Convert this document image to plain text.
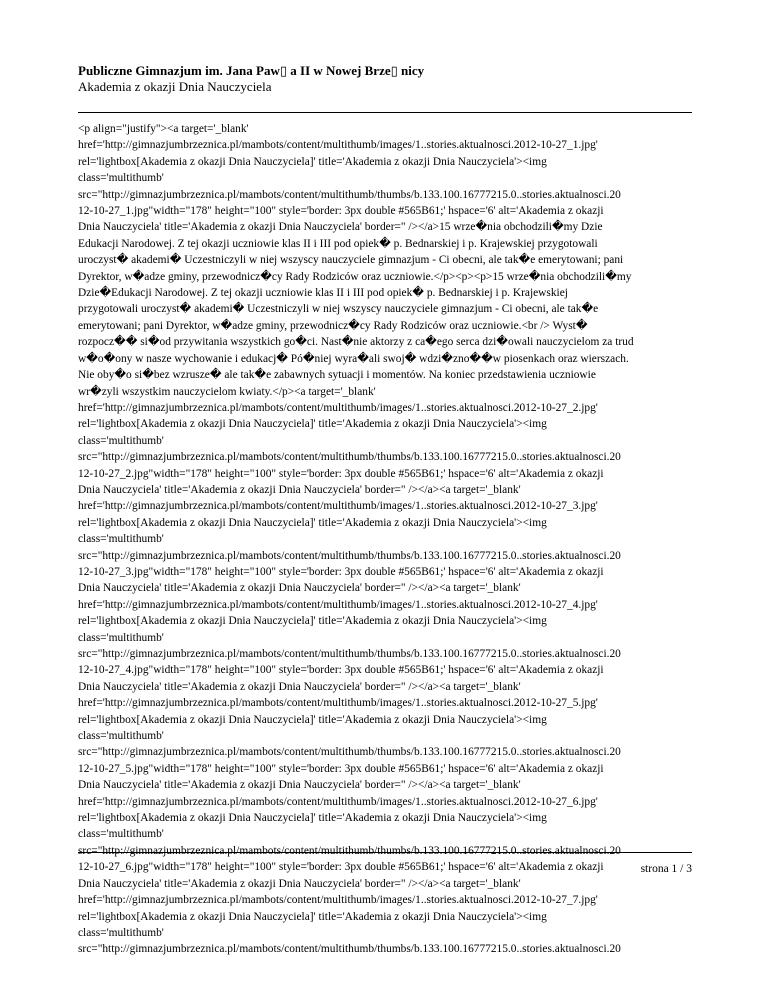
Publiczne Gimnazjum im. Jana Paw▯ a II w Nowej Brze▯ nicy

Akademia z okazji Dnia Nauczyciela

<p align="justify"><a target='_blank'
href='http://gimnazjumbrzeznica.pl/mambots/content/multithumb/images/1..stories.aktualnosci.2012-10-27_1.jpg'
rel='lightbox[Akademia z okazji Dnia Nauczyciela]' title='Akademia z okazji Dnia Nauczyciela'><img
class='multithumb'
src="http://gimnazjumbrzeznica.pl/mambots/content/multithumb/thumbs/b.133.100.16777215.0..stories.aktualnosci.20
12-10-27_1.jpg"width="178" height="100" style='border: 3px double #565B61;' hspace='6' alt='Akademia z okazji
Dnia Nauczyciela' title='Akademia z okazji Dnia Nauczyciela' border=" /></a>15 wrze�nia obchodzili�my Dzie
Edukacji Narodowej. Z tej okazji uczniowie klas II i III pod opiek� p. Bednarskiej i p. Krajewskiej przygotowali
uroczyst� akademi� Uczestniczyli w niej wszyscy nauczyciele gimnazjum - Ci obecni, ale tak�e emerytowani; pani
Dyrektor, w�adze gminy, przewodnicz�cy Rady Rodziców oraz uczniowie.</p><p><p>15 wrze�nia obchodzili�my
Dzie�Edukacji Narodowej. Z tej okazji uczniowie klas II i III pod opiek� p. Bednarskiej i p. Krajewskiej
przygotowali uroczyst� akademi� Uczestniczyli w niej wszyscy nauczyciele gimnazjum - Ci obecni, ale tak�e
emerytowani; pani Dyrektor, w�adze gminy, przewodnicz�cy Rady Rodziców oraz uczniowie.<br /> Wyst�
rozpocz�� si�od przywitania wszystkich go�ci. Nast�nie aktorzy z ca�ego serca dzi�owali nauczycielom za trud
w�o�ony w nasze wychowanie i edukacj� Pó�niej wyra�ali swoj� wdzi�zno��w piosenkach oraz wierszach.
Nie oby�o si�bez wzrusze� ale tak�e zabawnych sytuacji i momentów. Na koniec przedstawienia uczniowie
wr�zyli wszystkim nauczycielom kwiaty.</p><a target='_blank'
href='http://gimnazjumbrzeznica.pl/mambots/content/multithumb/images/1..stories.aktualnosci.2012-10-27_2.jpg'
rel='lightbox[Akademia z okazji Dnia Nauczyciela]' title='Akademia z okazji Dnia Nauczyciela'><img
class='multithumb'
src="http://gimnazjumbrzeznica.pl/mambots/content/multithumb/thumbs/b.133.100.16777215.0..stories.aktualnosci.20
12-10-27_2.jpg"width="178" height="100" style='border: 3px double #565B61;' hspace='6' alt='Akademia z okazji
Dnia Nauczyciela' title='Akademia z okazji Dnia Nauczyciela' border=" /></a><a target='_blank'
href='http://gimnazjumbrzeznica.pl/mambots/content/multithumb/images/1..stories.aktualnosci.2012-10-27_3.jpg'
rel='lightbox[Akademia z okazji Dnia Nauczyciela]' title='Akademia z okazji Dnia Nauczyciela'><img
class='multithumb'
src="http://gimnazjumbrzeznica.pl/mambots/content/multithumb/thumbs/b.133.100.16777215.0..stories.aktualnosci.20
12-10-27_3.jpg"width="178" height="100" style='border: 3px double #565B61;' hspace='6' alt='Akademia z okazji
Dnia Nauczyciela' title='Akademia z okazji Dnia Nauczyciela' border=" /></a><a target='_blank'
href='http://gimnazjumbrzeznica.pl/mambots/content/multithumb/images/1..stories.aktualnosci.2012-10-27_4.jpg'
rel='lightbox[Akademia z okazji Dnia Nauczyciela]' title='Akademia z okazji Dnia Nauczyciela'><img
class='multithumb'
src="http://gimnazjumbrzeznica.pl/mambots/content/multithumb/thumbs/b.133.100.16777215.0..stories.aktualnosci.20
12-10-27_4.jpg"width="178" height="100" style='border: 3px double #565B61;' hspace='6' alt='Akademia z okazji
Dnia Nauczyciela' title='Akademia z okazji Dnia Nauczyciela' border=" /></a><a target='_blank'
href='http://gimnazjumbrzeznica.pl/mambots/content/multithumb/images/1..stories.aktualnosci.2012-10-27_5.jpg'
rel='lightbox[Akademia z okazji Dnia Nauczyciela]' title='Akademia z okazji Dnia Nauczyciela'><img
class='multithumb'
src="http://gimnazjumbrzeznica.pl/mambots/content/multithumb/thumbs/b.133.100.16777215.0..stories.aktualnosci.20
12-10-27_5.jpg"width="178" height="100" style='border: 3px double #565B61;' hspace='6' alt='Akademia z okazji
Dnia Nauczyciela' title='Akademia z okazji Dnia Nauczyciela' border=" /></a><a target='_blank'
href='http://gimnazjumbrzeznica.pl/mambots/content/multithumb/images/1..stories.aktualnosci.2012-10-27_6.jpg'
rel='lightbox[Akademia z okazji Dnia Nauczyciela]' title='Akademia z okazji Dnia Nauczyciela'><img
class='multithumb'
src="http://gimnazjumbrzeznica.pl/mambots/content/multithumb/thumbs/b.133.100.16777215.0..stories.aktualnosci.20
12-10-27_6.jpg"width="178" height="100" style='border: 3px double #565B61;' hspace='6' alt='Akademia z okazji
Dnia Nauczyciela' title='Akademia z okazji Dnia Nauczyciela' border=" /></a><a target='_blank'
href='http://gimnazjumbrzeznica.pl/mambots/content/multithumb/images/1..stories.aktualnosci.2012-10-27_7.jpg'
rel='lightbox[Akademia z okazji Dnia Nauczyciela]' title='Akademia z okazji Dnia Nauczyciela'><img
class='multithumb'
src="http://gimnazjumbrzeznica.pl/mambots/content/multithumb/thumbs/b.133.100.16777215.0..stories.aktualnosci.20
strona 1 / 3
